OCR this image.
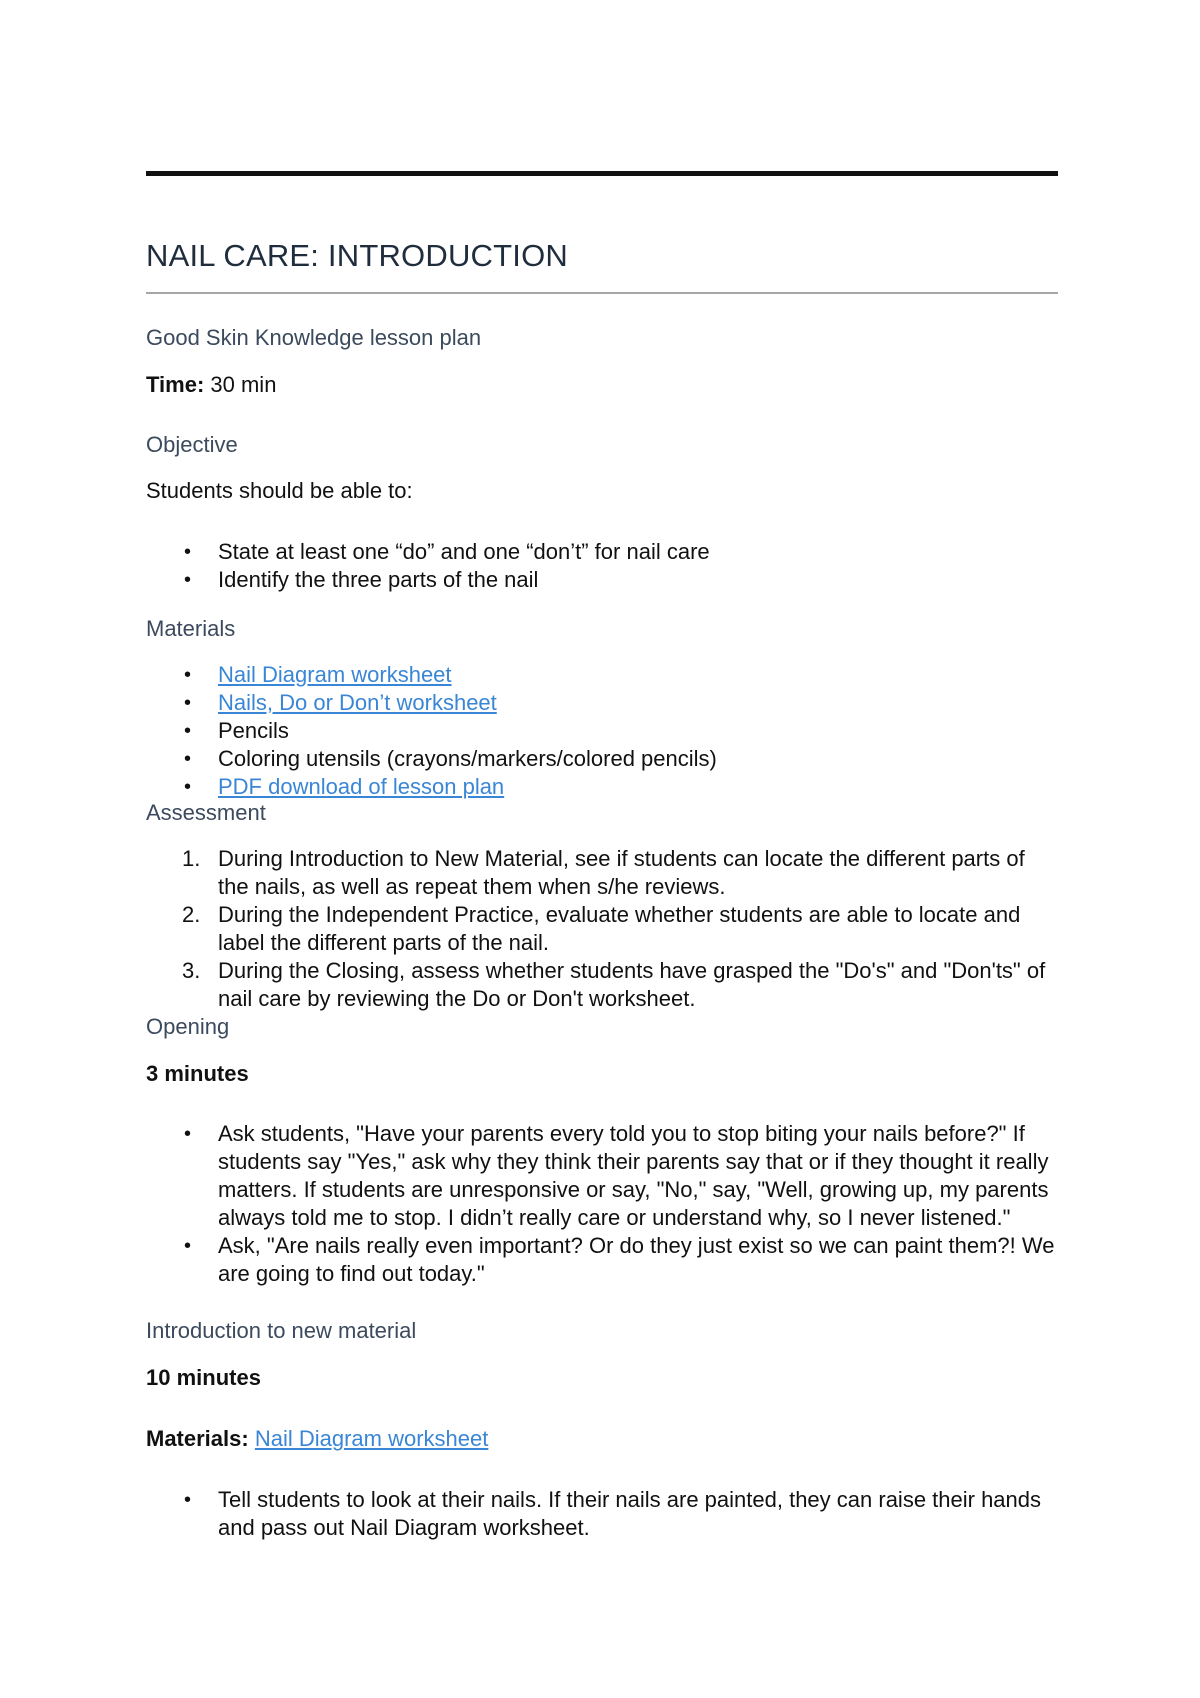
NAIL CARE: INTRODUCTION
Good Skin Knowledge lesson plan
Time: 30 min
Objective
Students should be able to:
• State at least one “do” and one “don’t” for nail care
• Identify the three parts of the nail
Materials
• Nail Diagram worksheet
• Nails, Do or Don’t worksheet
• Pencils
• Coloring utensils (crayons/markers/colored pencils)
• PDF download of lesson plan
Assessment
1. During Introduction to New Material, see if students can locate the different parts of the nails, as well as repeat them when s/he reviews.
2. During the Independent Practice, evaluate whether students are able to locate and label the different parts of the nail.
3. During the Closing, assess whether students have grasped the "Do's" and "Don'ts" of nail care by reviewing the Do or Don't worksheet.
Opening
3 minutes
• Ask students, "Have your parents every told you to stop biting your nails before?" If students say "Yes," ask why they think their parents say that or if they thought it really matters. If students are unresponsive or say, "No," say, "Well, growing up, my parents always told me to stop. I didn’t really care or understand why, so I never listened."
• Ask, "Are nails really even important? Or do they just exist so we can paint them?! We are going to find out today."
Introduction to new material
10 minutes
Materials: Nail Diagram worksheet
• Tell students to look at their nails. If their nails are painted, they can raise their hands and pass out Nail Diagram worksheet.
